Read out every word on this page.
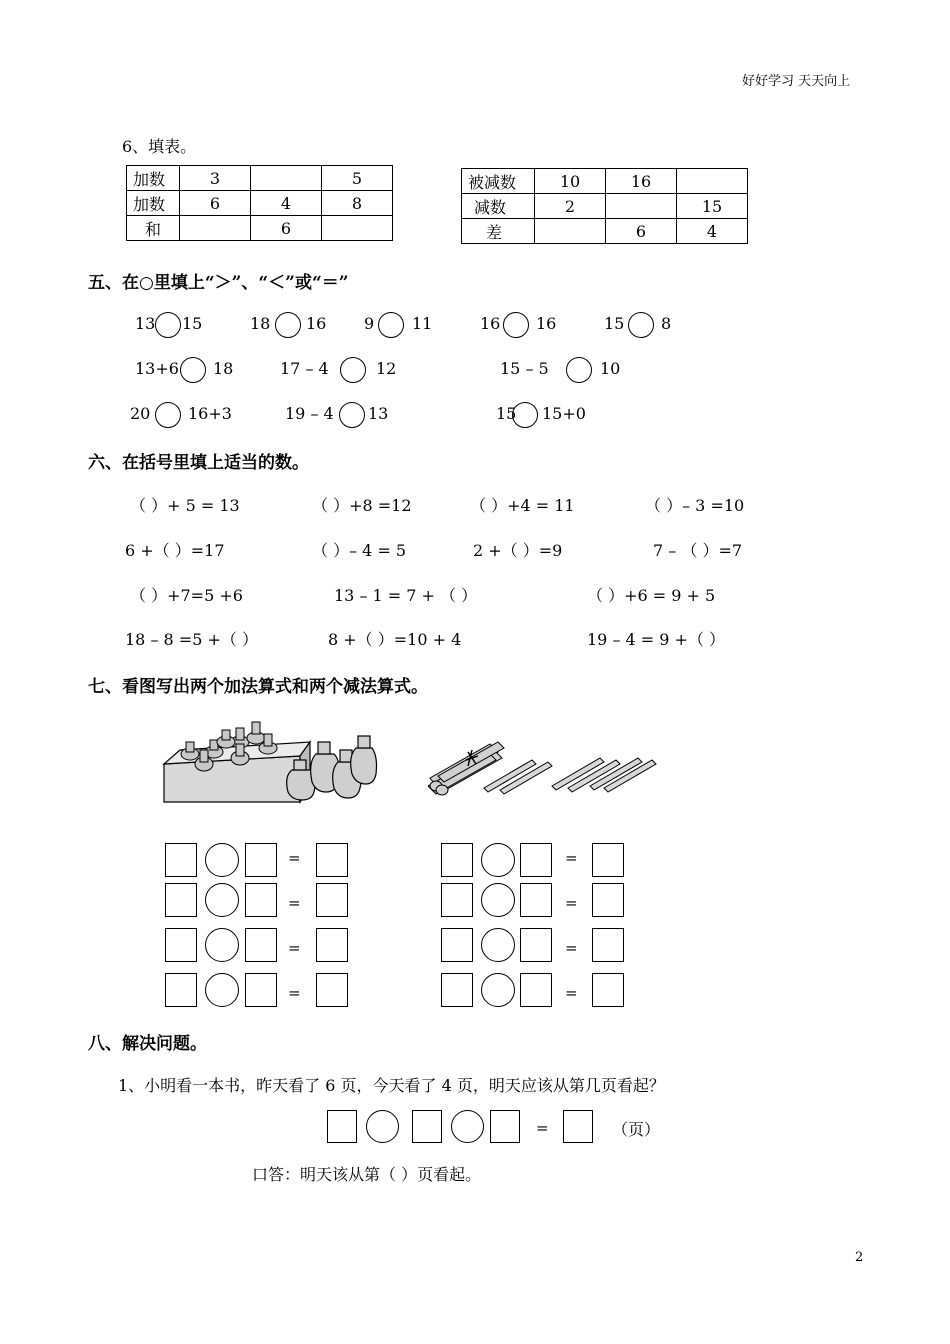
好好学习 天天向上
6、填表。
加数	3		5
加数	6	4	8
和		6	
被减数	10	16	
减数	2		15
差		6	4
五、在○里填上“＞”、“＜”或“＝”
13 15	18 16 9 11	16 16	15 8
13+6 18	17 – 4	12	15 – 5	10
20 16+3	19 – 4 13	15 15+0
六、在括号里填上适当的数。
（ ）+ 5 = 13	（ ）+8 =12	（ ）+4 = 11	（ ）– 3 =10
6 +（ ）=17	（ ）– 4 = 5	2 +（ ）=9	7 – （ ）=7
（ ）+7=5 +6	13 – 1 = 7 + （ ）	（ ）+6 = 9 + 5
18 – 8 =5 +（ ）	8 +（ ）=10 + 4	19 – 4 = 9 +（ ）
七、看图写出两个加法算式和两个减法算式。
=
=
=
=
=
=
=
=
八、解决问题。
1、小明看一本书，昨天看了 6 页，今天看了 4 页，明天应该从第几页看起？
=	（页）
口答：明天该从第（ ）页看起。
2
